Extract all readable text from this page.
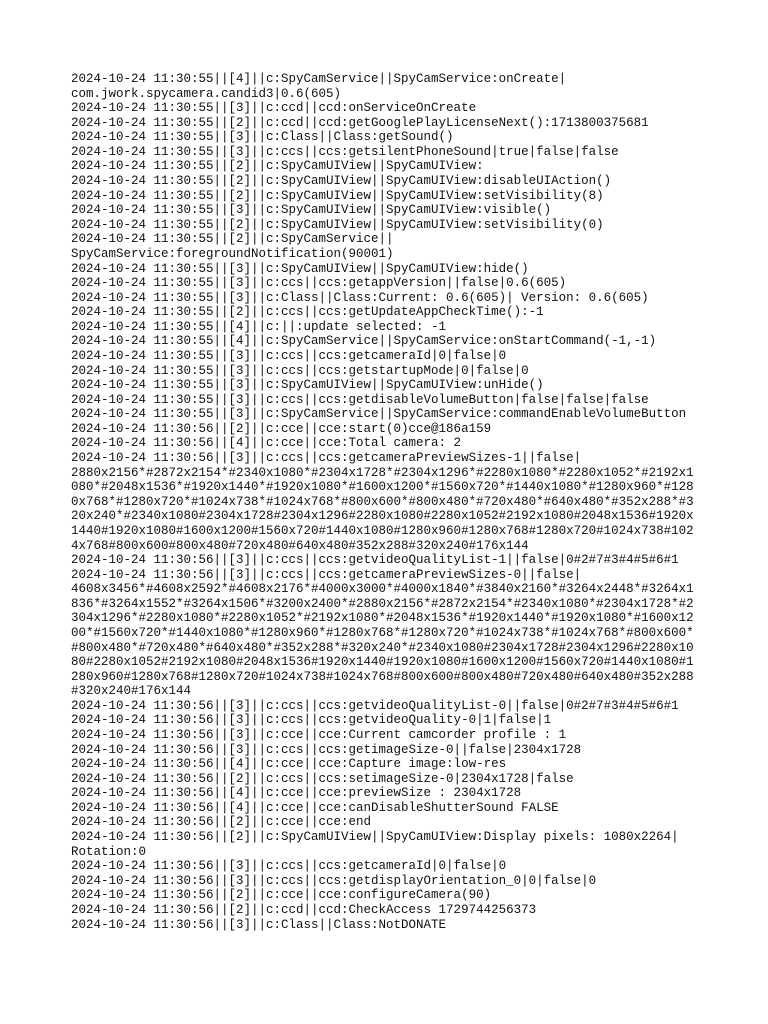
2024-10-24 11:30:55||[4]||c:SpyCamService||SpyCamService:onCreate|
com.jwork.spycamera.candid3|0.6(605)
2024-10-24 11:30:55||[3]||c:ccd||ccd:onServiceOnCreate
2024-10-24 11:30:55||[2]||c:ccd||ccd:getGooglePlayLicenseNext():1713800375681
2024-10-24 11:30:55||[3]||c:Class||Class:getSound()
2024-10-24 11:30:55||[3]||c:ccs||ccs:getsilentPhoneSound|true|false|false
2024-10-24 11:30:55||[2]||c:SpyCamUIView||SpyCamUIView:
2024-10-24 11:30:55||[2]||c:SpyCamUIView||SpyCamUIView:disableUIAction()
2024-10-24 11:30:55||[2]||c:SpyCamUIView||SpyCamUIView:setVisibility(8)
2024-10-24 11:30:55||[3]||c:SpyCamUIView||SpyCamUIView:visible()
2024-10-24 11:30:55||[2]||c:SpyCamUIView||SpyCamUIView:setVisibility(0)
2024-10-24 11:30:55||[2]||c:SpyCamService||
SpyCamService:foregroundNotification(90001)
2024-10-24 11:30:55||[3]||c:SpyCamUIView||SpyCamUIView:hide()
2024-10-24 11:30:55||[3]||c:ccs||ccs:getappVersion||false|0.6(605)
2024-10-24 11:30:55||[3]||c:Class||Class:Current: 0.6(605)| Version: 0.6(605)
2024-10-24 11:30:55||[2]||c:ccs||ccs:getUpdateAppCheckTime():-1
2024-10-24 11:30:55||[4]||c:||:update selected: -1
2024-10-24 11:30:55||[4]||c:SpyCamService||SpyCamService:onStartCommand(-1,-1)
2024-10-24 11:30:55||[3]||c:ccs||ccs:getcameraId|0|false|0
2024-10-24 11:30:55||[3]||c:ccs||ccs:getstartupMode|0|false|0
2024-10-24 11:30:55||[3]||c:SpyCamUIView||SpyCamUIView:unHide()
2024-10-24 11:30:55||[3]||c:ccs||ccs:getdisableVolumeButton|false|false|false
2024-10-24 11:30:55||[3]||c:SpyCamService||SpyCamService:commandEnableVolumeButton
2024-10-24 11:30:56||[2]||c:cce||cce:start(0)cce@186a159
2024-10-24 11:30:56||[4]||c:cce||cce:Total camera: 2
2024-10-24 11:30:56||[3]||c:ccs||ccs:getcameraPreviewSizes-1||false|
2880x2156*#2872x2154*#2340x1080*#2304x1728*#2304x1296*#2280x1080*#2280x1052*#2192x1
080*#2048x1536*#1920x1440*#1920x1080*#1600x1200*#1560x720*#1440x1080*#1280x960*#128
0x768*#1280x720*#1024x738*#1024x768*#800x600*#800x480*#720x480*#640x480*#352x288*#3
20x240*#2340x1080#2304x1728#2304x1296#2280x1080#2280x1052#2192x1080#2048x1536#1920x
1440#1920x1080#1600x1200#1560x720#1440x1080#1280x960#1280x768#1280x720#1024x738#102
4x768#800x600#800x480#720x480#640x480#352x288#320x240#176x144
2024-10-24 11:30:56||[3]||c:ccs||ccs:getvideoQualityList-1||false|0#2#7#3#4#5#6#1
2024-10-24 11:30:56||[3]||c:ccs||ccs:getcameraPreviewSizes-0||false|
4608x3456*#4608x2592*#4608x2176*#4000x3000*#4000x1840*#3840x2160*#3264x2448*#3264x1
836*#3264x1552*#3264x1506*#3200x2400*#2880x2156*#2872x2154*#2340x1080*#2304x1728*#2
304x1296*#2280x1080*#2280x1052*#2192x1080*#2048x1536*#1920x1440*#1920x1080*#1600x12
00*#1560x720*#1440x1080*#1280x960*#1280x768*#1280x720*#1024x738*#1024x768*#800x600*
#800x480*#720x480*#640x480*#352x288*#320x240*#2340x1080#2304x1728#2304x1296#2280x10
80#2280x1052#2192x1080#2048x1536#1920x1440#1920x1080#1600x1200#1560x720#1440x1080#1
280x960#1280x768#1280x720#1024x738#1024x768#800x600#800x480#720x480#640x480#352x288
#320x240#176x144
2024-10-24 11:30:56||[3]||c:ccs||ccs:getvideoQualityList-0||false|0#2#7#3#4#5#6#1
2024-10-24 11:30:56||[3]||c:ccs||ccs:getvideoQuality-0|1|false|1
2024-10-24 11:30:56||[3]||c:cce||cce:Current camcorder profile : 1
2024-10-24 11:30:56||[3]||c:ccs||ccs:getimageSize-0||false|2304x1728
2024-10-24 11:30:56||[4]||c:cce||cce:Capture image:low-res
2024-10-24 11:30:56||[2]||c:ccs||ccs:setimageSize-0|2304x1728|false
2024-10-24 11:30:56||[4]||c:cce||cce:previewSize : 2304x1728
2024-10-24 11:30:56||[4]||c:cce||cce:canDisableShutterSound FALSE
2024-10-24 11:30:56||[2]||c:cce||cce:end
2024-10-24 11:30:56||[2]||c:SpyCamUIView||SpyCamUIView:Display pixels: 1080x2264|
Rotation:0
2024-10-24 11:30:56||[3]||c:ccs||ccs:getcameraId|0|false|0
2024-10-24 11:30:56||[3]||c:ccs||ccs:getdisplayOrientation_0|0|false|0
2024-10-24 11:30:56||[2]||c:cce||cce:configureCamera(90)
2024-10-24 11:30:56||[2]||c:ccd||ccd:CheckAccess 1729744256373
2024-10-24 11:30:56||[3]||c:Class||Class:NotDONATE
